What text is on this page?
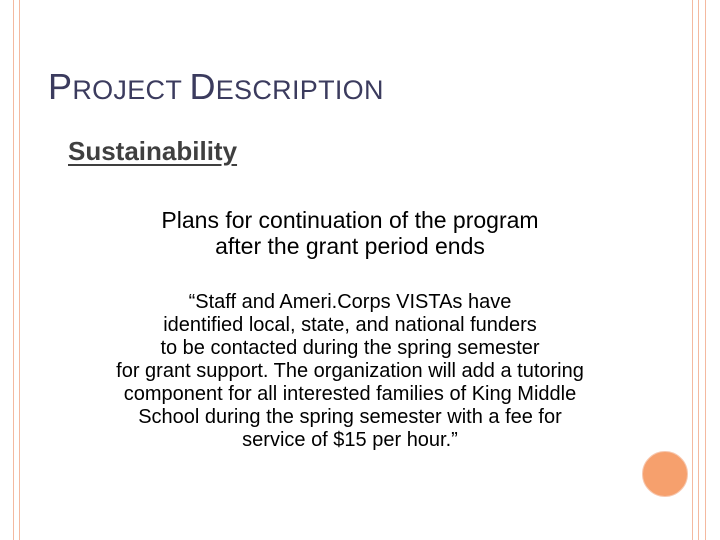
PROJECT DESCRIPTION
Sustainability
Plans for continuation of the program
after the grant period ends
“Staff and Ameri.Corps VISTAs have
identified local, state, and national funders
to be contacted during the spring semester
for grant support. The organization will add a tutoring
component for all interested families of King Middle
School during the spring semester with a fee for
service of $15 per hour.”
